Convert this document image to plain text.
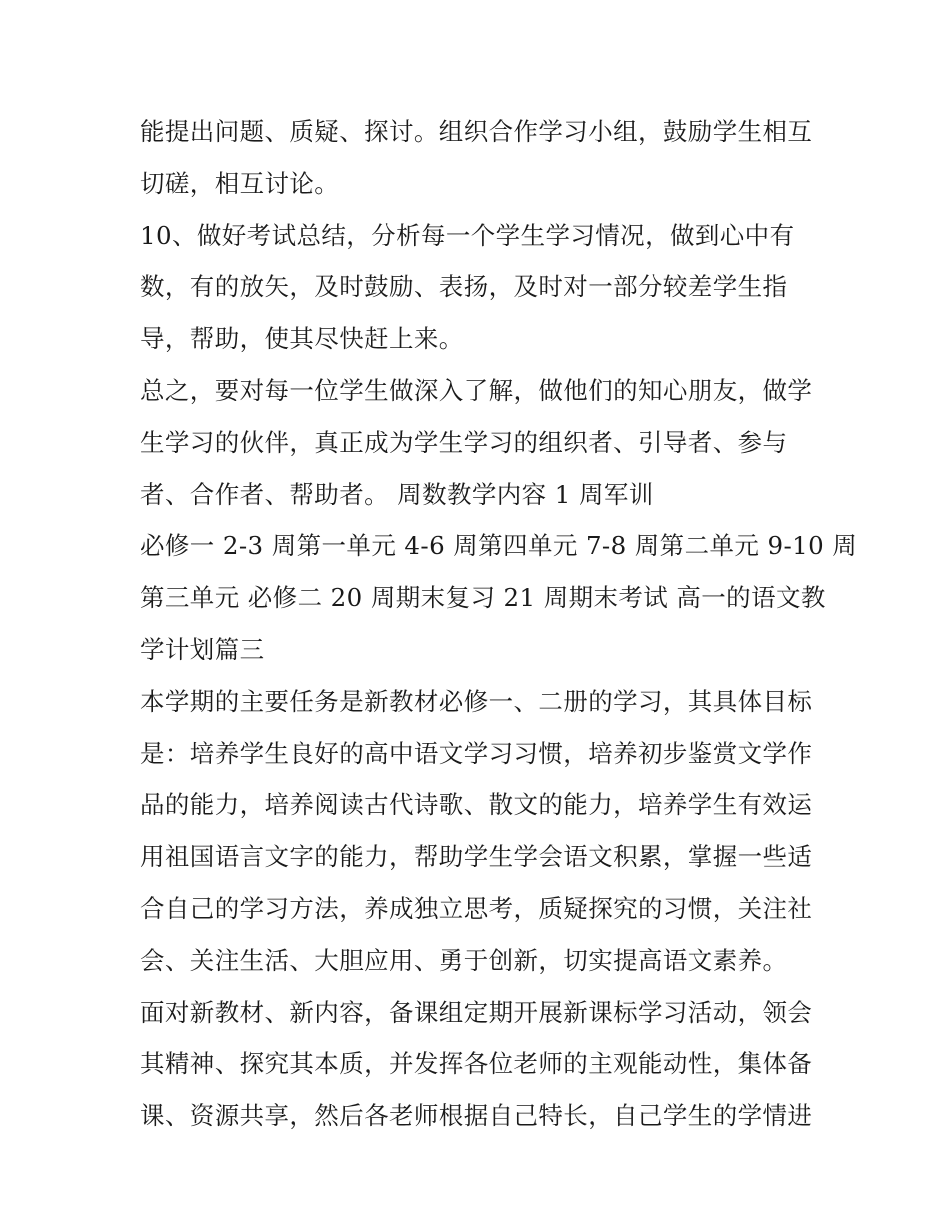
能提出问题、质疑、探讨。组织合作学习小组，鼓励学生相互
切磋，相互讨论。
10、做好考试总结，分析每一个学生学习情况，做到心中有
数，有的放矢，及时鼓励、表扬，及时对一部分较差学生指
导，帮助，使其尽快赶上来。
总之，要对每一位学生做深入了解，做他们的知心朋友，做学
生学习的伙伴，真正成为学生学习的组织者、引导者、参与
者、合作者、帮助者。 周数教学内容 1 周军训
必修一 2-3 周第一单元 4-6 周第四单元 7-8 周第二单元 9-10 周
第三单元 必修二 20 周期末复习 21 周期末考试 高一的语文教
学计划篇三
本学期的主要任务是新教材必修一、二册的学习，其具体目标
是：培养学生良好的高中语文学习习惯，培养初步鉴赏文学作
品的能力，培养阅读古代诗歌、散文的能力，培养学生有效运
用祖国语言文字的能力，帮助学生学会语文积累，掌握一些适
合自己的学习方法，养成独立思考，质疑探究的习惯，关注社
会、关注生活、大胆应用、勇于创新，切实提高语文素养。
面对新教材、新内容，备课组定期开展新课标学习活动，领会
其精神、探究其本质，并发挥各位老师的主观能动性，集体备
课、资源共享，然后各老师根据自己特长，自己学生的学情进
